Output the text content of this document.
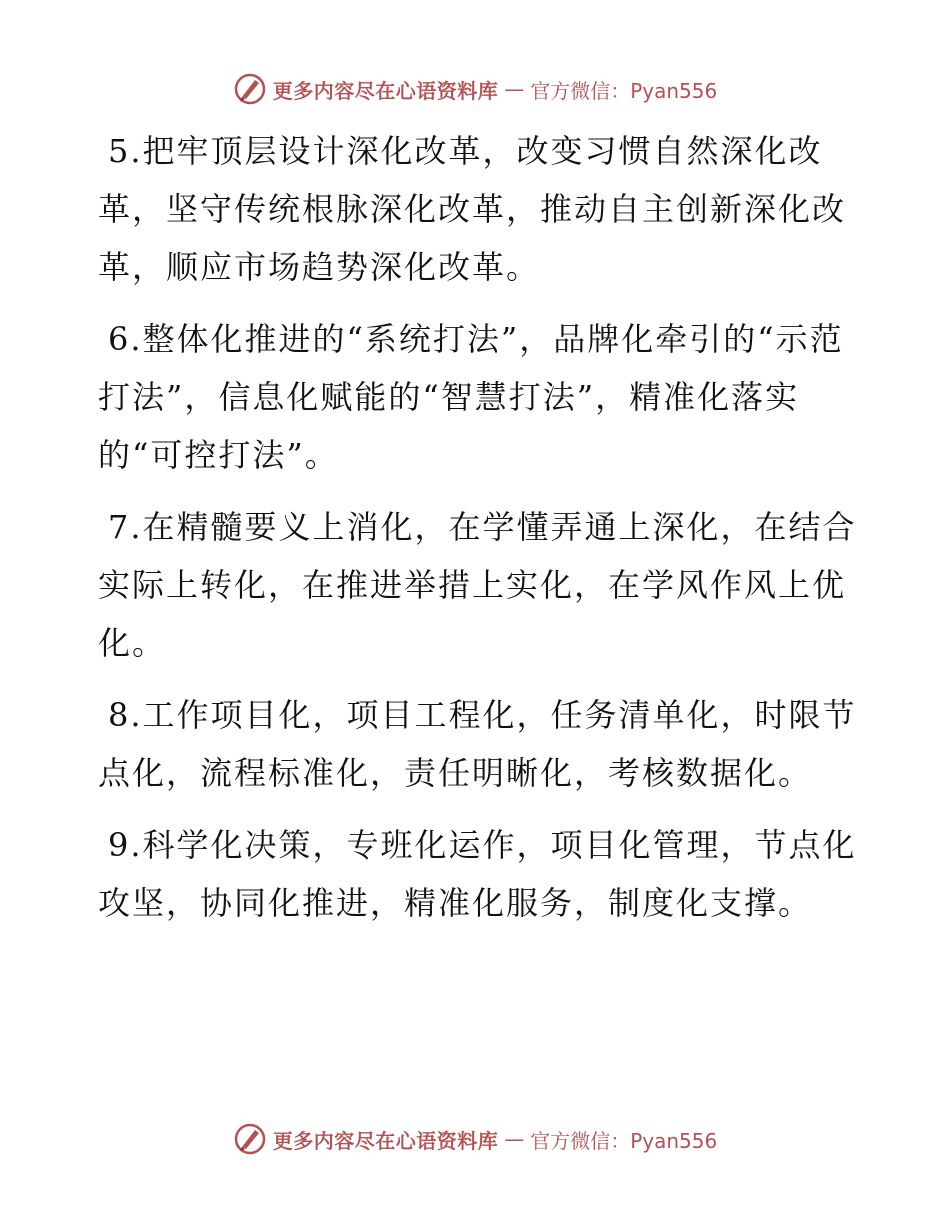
更多内容尽在心语资料库 — 官方微信：Pyan556

5.把牢顶层设计深化改革，改变习惯自然深化改革，坚守传统根脉深化改革，推动自主创新深化改革，顺应市场趋势深化改革。

6.整体化推进的“系统打法”，品牌化牵引的“示范打法”，信息化赋能的“智慧打法”，精准化落实的“可控打法”。

7.在精髓要义上消化，在学懂弄通上深化，在结合实际上转化，在推进举措上实化，在学风作风上优化。

8.工作项目化，项目工程化，任务清单化，时限节点化，流程标准化，责任明晰化，考核数据化。

9.科学化决策，专班化运作，项目化管理，节点化攻坚，协同化推进，精准化服务，制度化支撑。

更多内容尽在心语资料库 — 官方微信：Pyan556
